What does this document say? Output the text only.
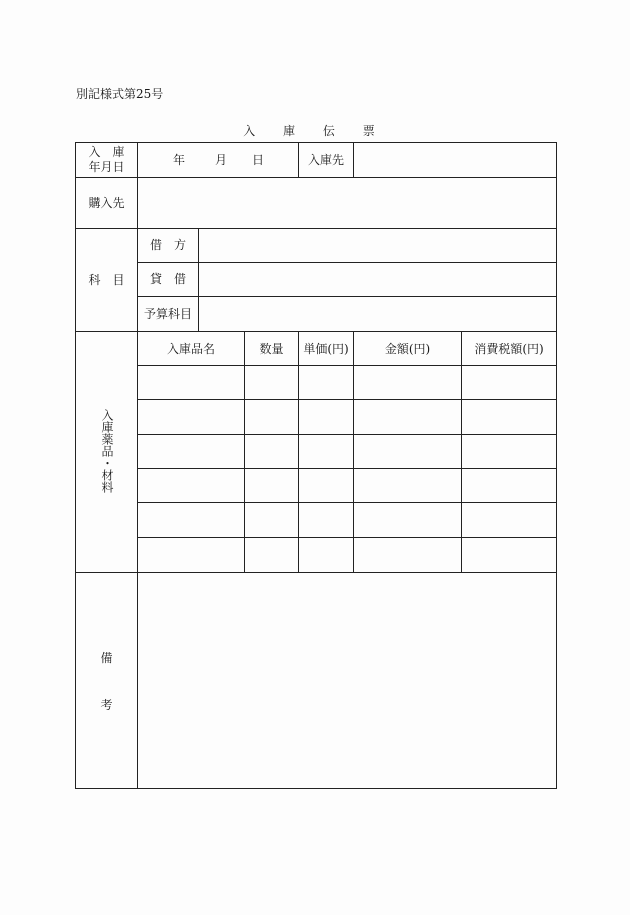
別記様式第25号
入 庫 伝 票
入　庫
年月日	年 月 日	入庫先
購入先
科　目
借　方
貸　借
予算科目
入庫薬品・材料
入庫品名	数量	単価(円)	金額(円)	消費税額(円)
備
考
